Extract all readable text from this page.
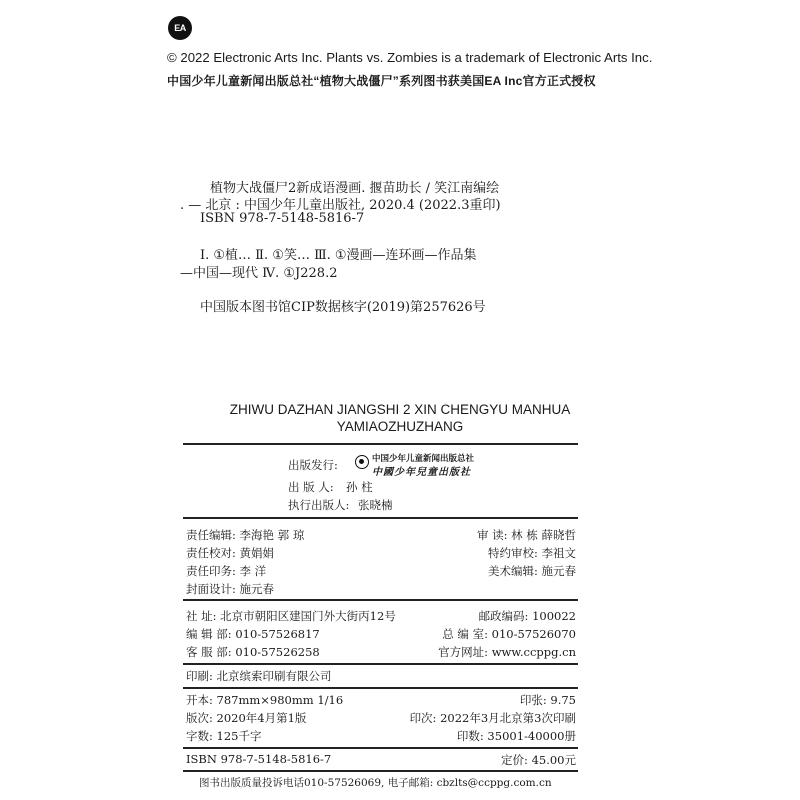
EA
© 2022 Electronic Arts Inc. Plants vs. Zombies is a trademark of Electronic Arts Inc.
中国少年儿童新闻出版总社“植物大战僵尸”系列图书获美国EA Inc官方正式授权
植物大战僵尸2新成语漫画. 揠苗助长 / 笑江南编绘
. — 北京 : 中国少年儿童出版社, 2020.4 (2022.3重印)
ISBN 978-7-5148-5816-7
Ⅰ. ①植… Ⅱ. ①笑… Ⅲ. ①漫画—连环画—作品集
—中国—现代 Ⅳ. ①J228.2
中国版本图书馆CIP数据核字(2019)第257626号
ZHIWU DAZHAN JIANGSHI 2 XIN CHENGYU MANHUA
YAMIAOZHUZHANG
出版发行:	中国少年儿童新闻出版总社
中國少年兒童出版社
出 版 人: 孙 柱
执行出版人: 张晓楠
责任编辑: 李海艳 郭 琼	审 读: 林 栋 薛晓哲
责任校对: 黄娟娟	特约审校: 李祖文
责任印务: 李 洋	美术编辑: 施元春
封面设计: 施元春
社 址: 北京市朝阳区建国门外大街丙12号	邮政编码: 100022
编 辑 部: 010-57526817	总 编 室: 010-57526070
客 服 部: 010-57526258	官方网址: www.ccppg.cn
印刷: 北京缤索印刷有限公司
开本: 787mm×980mm 1/16	印张: 9.75
版次: 2020年4月第1版	印次: 2022年3月北京第3次印刷
字数: 125千字	印数: 35001-40000册
ISBN 978-7-5148-5816-7	定价: 45.00元
图书出版质量投诉电话010-57526069, 电子邮箱: cbzlts@ccppg.com.cn
